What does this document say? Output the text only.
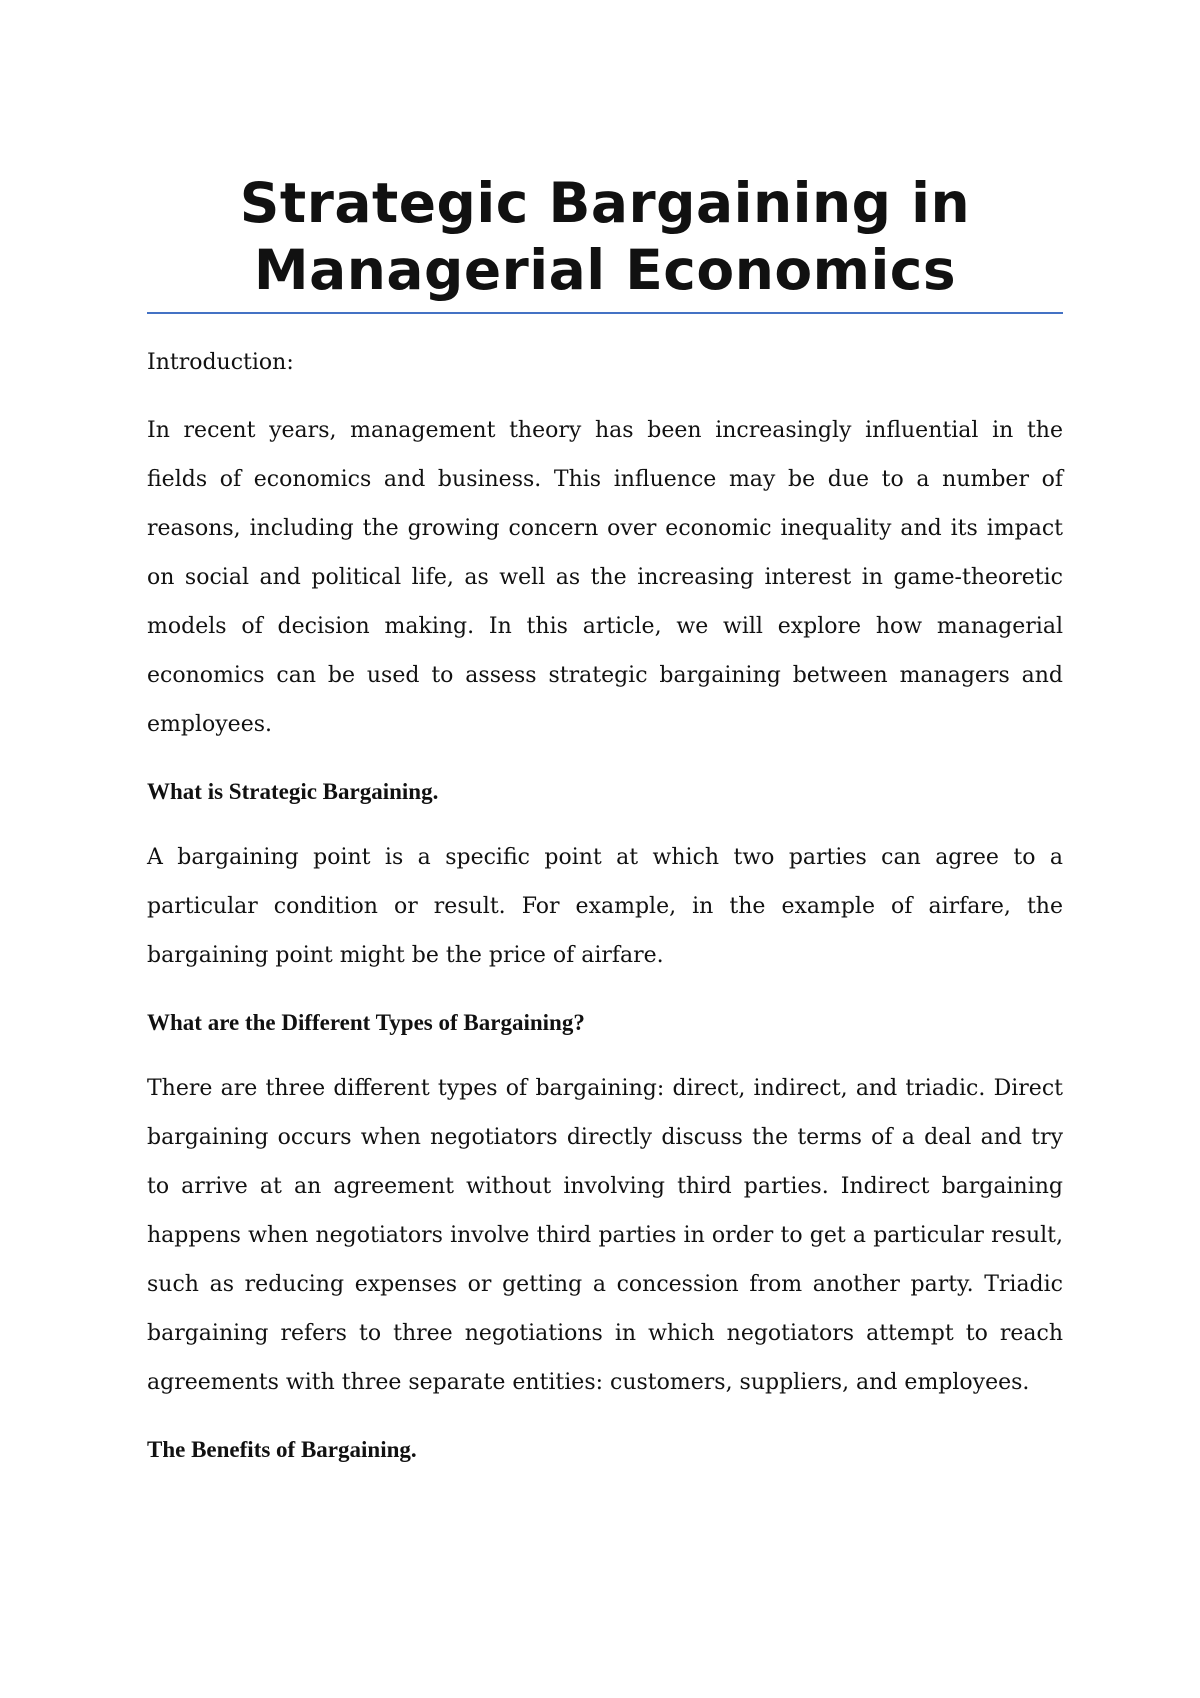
Strategic Bargaining in
Managerial Economics

Introduction:

In recent years, management theory has been increasingly influential in the fields of economics and business. This influence may be due to a number of reasons, including the growing concern over economic inequality and its impact on social and political life, as well as the increasing interest in game-theoretic models of decision making. In this article, we will explore how managerial economics can be used to assess strategic bargaining between managers and employees.

What is Strategic Bargaining.

A bargaining point is a specific point at which two parties can agree to a particular condition or result. For example, in the example of airfare, the bargaining point might be the price of airfare.

What are the Different Types of Bargaining?

There are three different types of bargaining: direct, indirect, and triadic. Direct bargaining occurs when negotiators directly discuss the terms of a deal and try to arrive at an agreement without involving third parties. Indirect bargaining happens when negotiators involve third parties in order to get a particular result, such as reducing expenses or getting a concession from another party. Triadic bargaining refers to three negotiations in which negotiators attempt to reach agreements with three separate entities: customers, suppliers, and employees.

The Benefits of Bargaining.
